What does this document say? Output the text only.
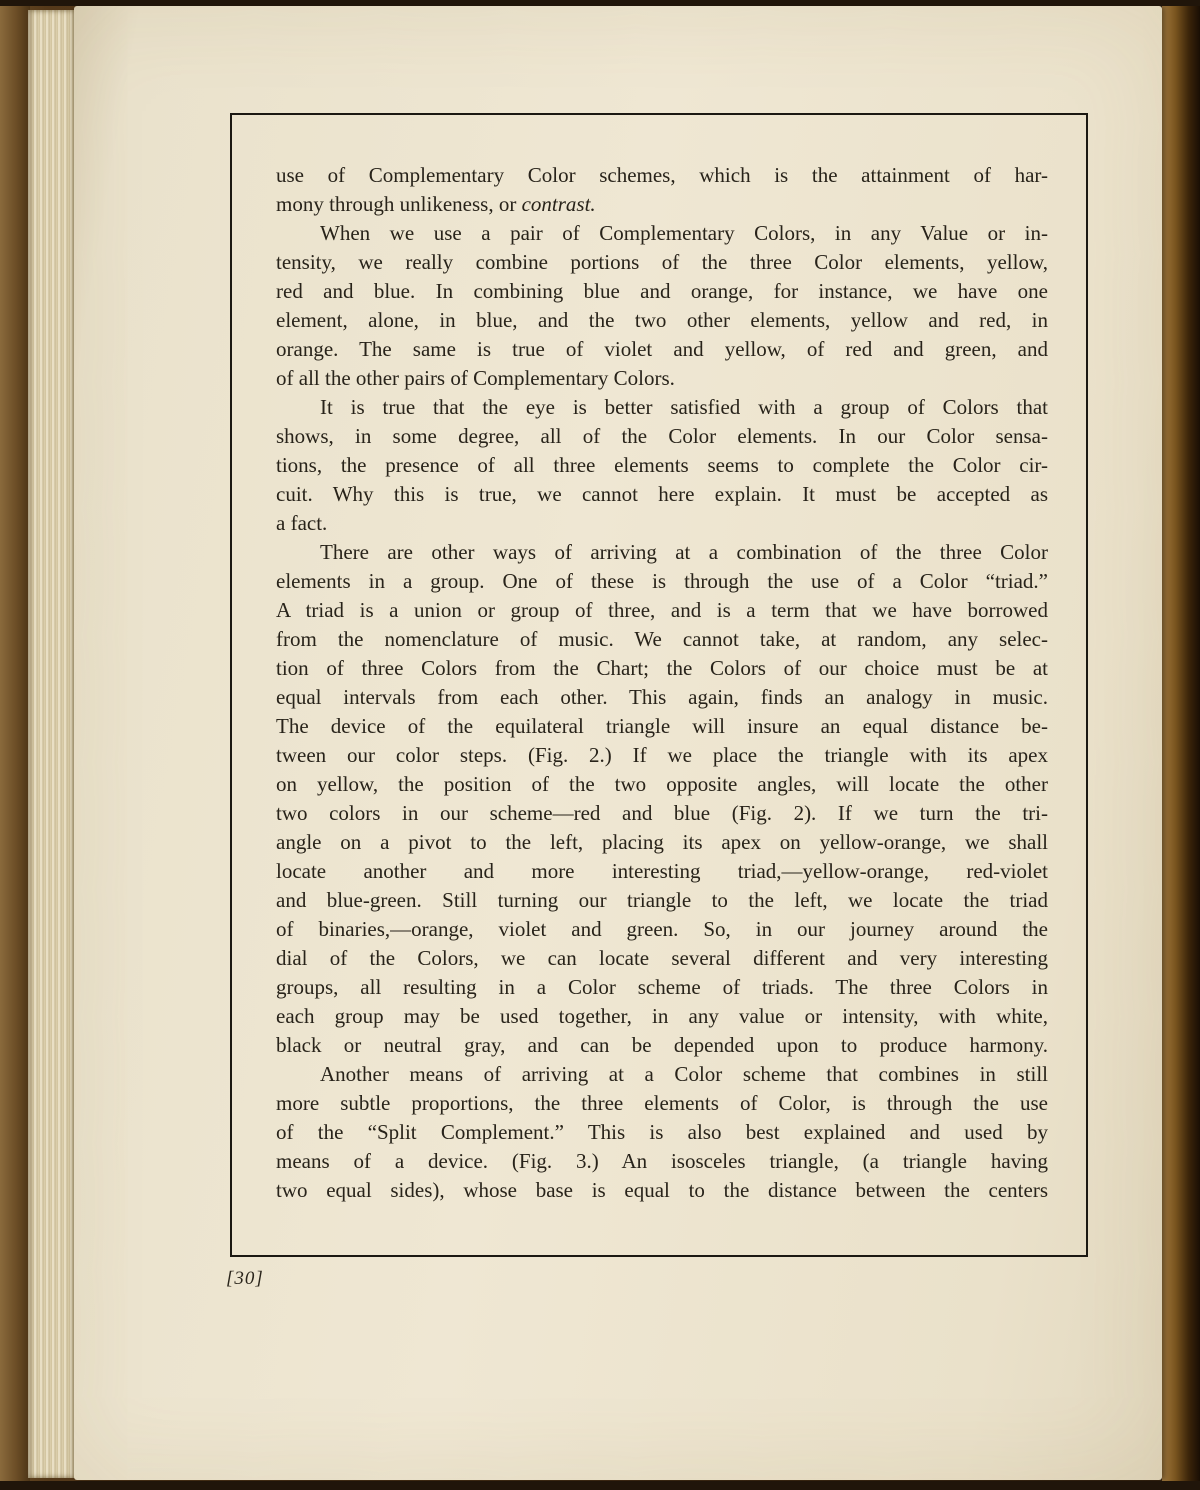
use of Complementary Color schemes, which is the attainment of har-
mony through unlikeness, or contrast.
When we use a pair of Complementary Colors, in any Value or in-
tensity, we really combine portions of the three Color elements, yellow,
red and blue. In combining blue and orange, for instance, we have one
element, alone, in blue, and the two other elements, yellow and red, in
orange. The same is true of violet and yellow, of red and green, and
of all the other pairs of Complementary Colors.
It is true that the eye is better satisfied with a group of Colors that
shows, in some degree, all of the Color elements. In our Color sensa-
tions, the presence of all three elements seems to complete the Color cir-
cuit. Why this is true, we cannot here explain. It must be accepted as
a fact.
There are other ways of arriving at a combination of the three Color
elements in a group. One of these is through the use of a Color “triad.”
A triad is a union or group of three, and is a term that we have borrowed
from the nomenclature of music. We cannot take, at random, any selec-
tion of three Colors from the Chart; the Colors of our choice must be at
equal intervals from each other. This again, finds an analogy in music.
The device of the equilateral triangle will insure an equal distance be-
tween our color steps. (Fig. 2.) If we place the triangle with its apex
on yellow, the position of the two opposite angles, will locate the other
two colors in our scheme—red and blue (Fig. 2). If we turn the tri-
angle on a pivot to the left, placing its apex on yellow-orange, we shall
locate another and more interesting triad,—yellow-orange, red-violet
and blue-green. Still turning our triangle to the left, we locate the triad
of binaries,—orange, violet and green. So, in our journey around the
dial of the Colors, we can locate several different and very interesting
groups, all resulting in a Color scheme of triads. The three Colors in
each group may be used together, in any value or intensity, with white,
black or neutral gray, and can be depended upon to produce harmony.
Another means of arriving at a Color scheme that combines in still
more subtle proportions, the three elements of Color, is through the use
of the “Split Complement.” This is also best explained and used by
means of a device. (Fig. 3.) An isosceles triangle, (a triangle having
two equal sides), whose base is equal to the distance between the centers
[30]
